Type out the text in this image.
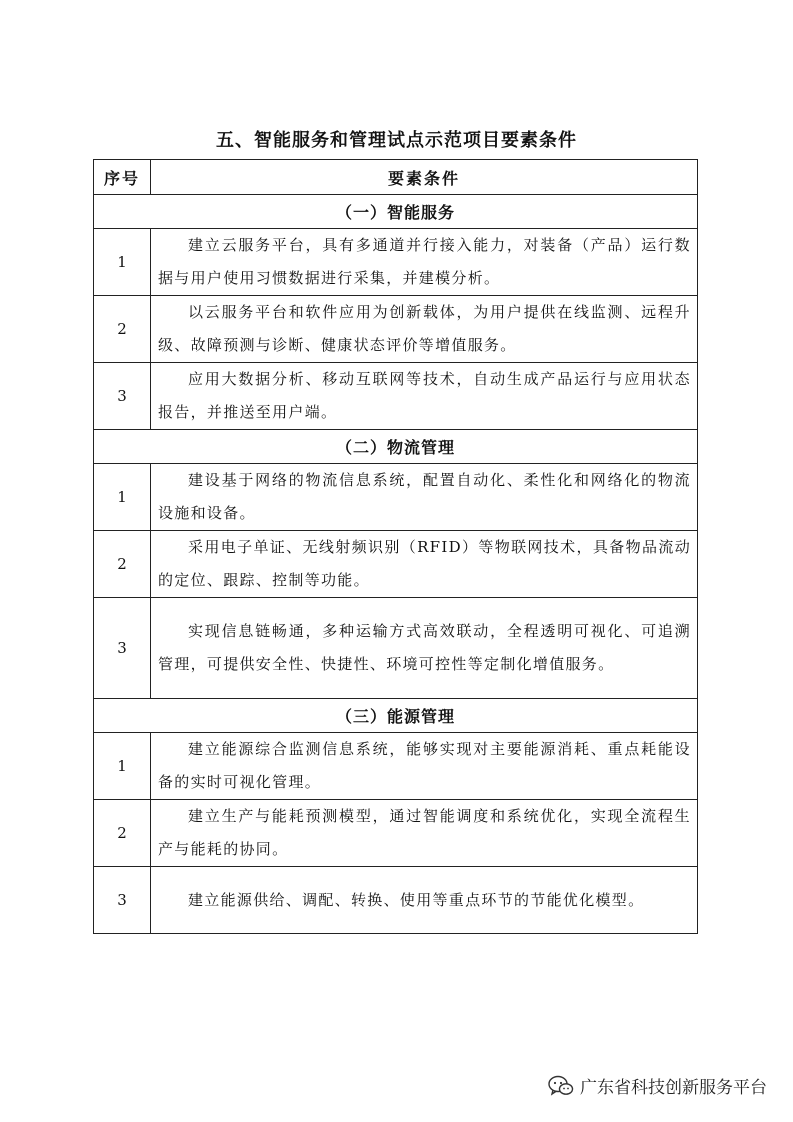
五、智能服务和管理试点示范项目要素条件
序号	要素条件
（一）智能服务	
1	建立云服务平台，具有多通道并行接入能力，对装备（产品）运行数据与用户使用习惯数据进行采集，并建模分析。
2	以云服务平台和软件应用为创新载体，为用户提供在线监测、远程升级、故障预测与诊断、健康状态评价等增值服务。
3	应用大数据分析、移动互联网等技术，自动生成产品运行与应用状态报告，并推送至用户端。
（二）物流管理	
1	建设基于网络的物流信息系统，配置自动化、柔性化和网络化的物流设施和设备。
2	采用电子单证、无线射频识别（RFID）等物联网技术，具备物品流动的定位、跟踪、控制等功能。
3	实现信息链畅通，多种运输方式高效联动，全程透明可视化、可追溯管理，可提供安全性、快捷性、环境可控性等定制化增值服务。
（三）能源管理	
1	建立能源综合监测信息系统，能够实现对主要能源消耗、重点耗能设备的实时可视化管理。
2	建立生产与能耗预测模型，通过智能调度和系统优化，实现全流程生产与能耗的协同。
3	建立能源供给、调配、转换、使用等重点环节的节能优化模型。
广东省科技创新服务平台
